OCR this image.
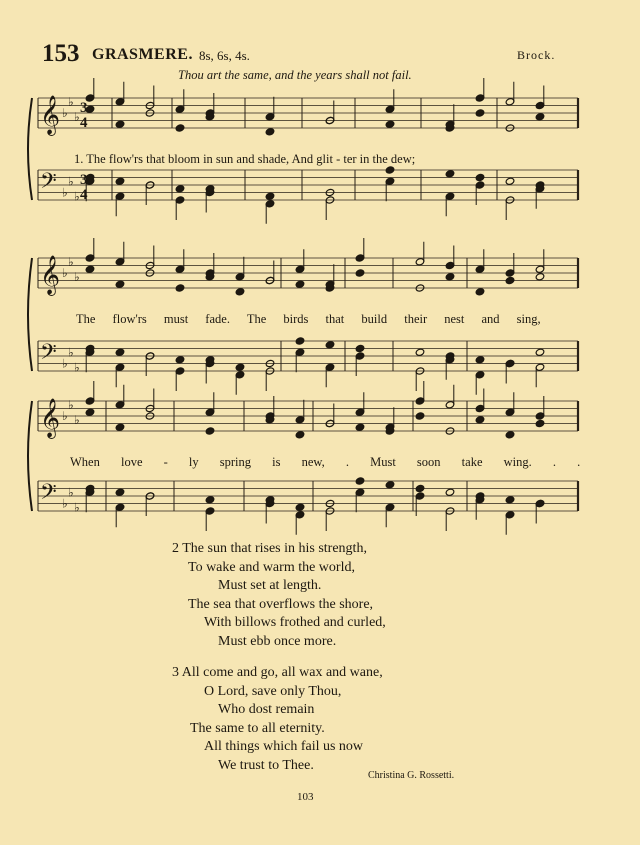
153 GRASMERE. 8s, 6s, 4s.	Brock.
Thou art the same, and the years shall not fail.
𝄞 ♭
♭
♭
𝄢 ♭
♭
♭
𝄞 ♭
♭
♭
𝄢 ♭
♭
♭
𝄞 ♭
♭
♭
𝄢 ♭
♭
♭
3
4
3
4
1. The flow'rs that bloom in sun and shade, And glit - ter in the dew;
The flow'rs must fade. The birds that build their nest and sing,
When love - ly spring is new, . Must soon take wing. . .
2 The sun that rises in his strength,
To wake and warm the world,
Must set at length.
The sea that overflows the shore,
With billows frothed and curled,
Must ebb once more.
3 All come and go, all wax and wane,
O Lord, save only Thou,
Who dost remain
The same to all eternity.
All things which fail us now
We trust to Thee.
Christina G. Rossetti.
103
